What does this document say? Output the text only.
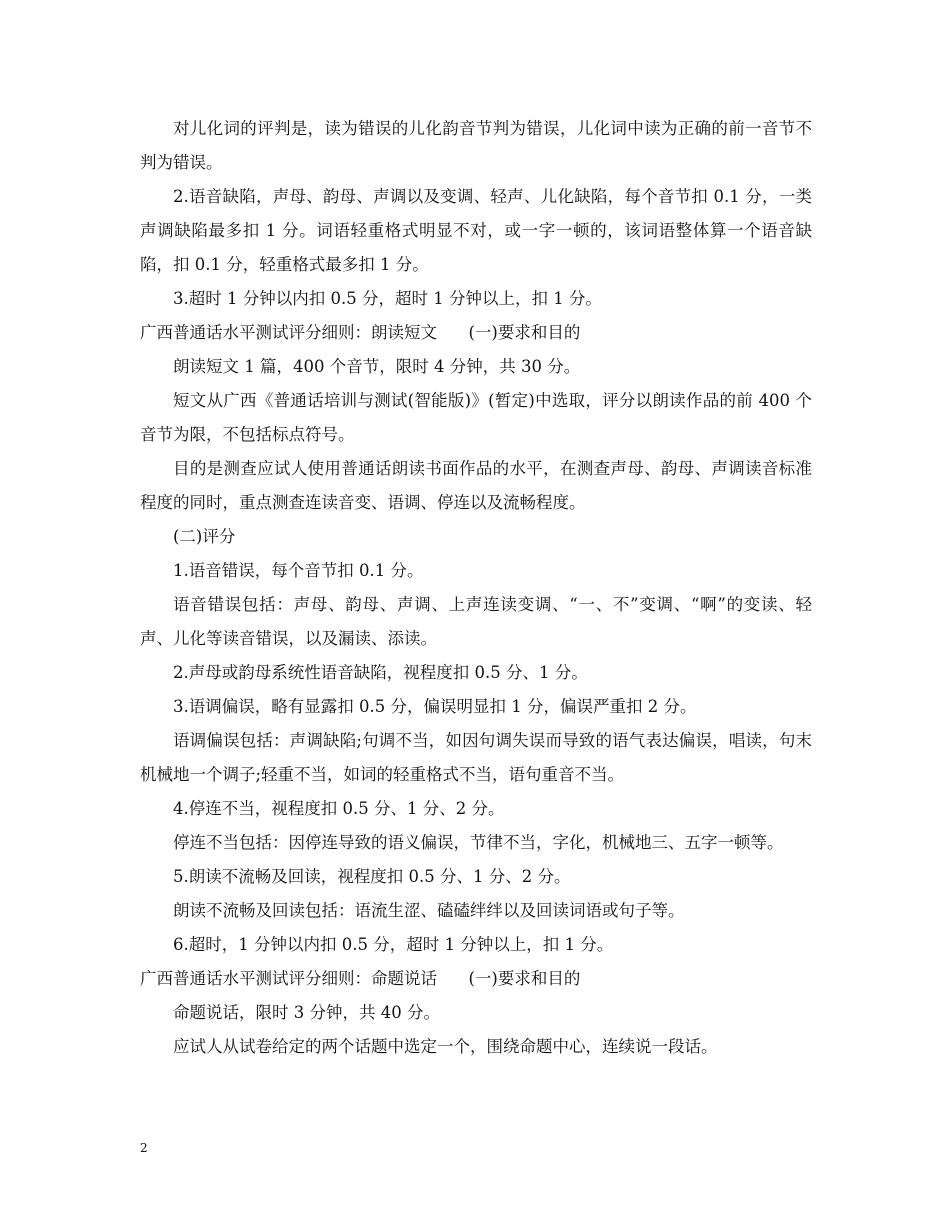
对儿化词的评判是，读为错误的儿化韵音节判为错误，儿化词中读为正确的前一音节不判为错误。

2.语音缺陷，声母、韵母、声调以及变调、轻声、儿化缺陷，每个音节扣 0.1 分，一类声调缺陷最多扣 1 分。词语轻重格式明显不对，或一字一顿的，该词语整体算一个语音缺陷，扣 0.1 分，轻重格式最多扣 1 分。

3.超时 1 分钟以内扣 0.5 分，超时 1 分钟以上，扣 1 分。

广西普通话水平测试评分细则：朗读短文      (一)要求和目的

朗读短文 1 篇，400 个音节，限时 4 分钟，共 30 分。

短文从广西《普通话培训与测试(智能版)》(暂定)中选取，评分以朗读作品的前 400 个音节为限，不包括标点符号。

目的是测查应试人使用普通话朗读书面作品的水平，在测查声母、韵母、声调读音标准程度的同时，重点测查连读音变、语调、停连以及流畅程度。

(二)评分

1.语音错误，每个音节扣 0.1 分。

语音错误包括：声母、韵母、声调、上声连读变调、“一、不”变调、“啊”的变读、轻声、儿化等读音错误，以及漏读、添读。

2.声母或韵母系统性语音缺陷，视程度扣 0.5 分、1 分。

3.语调偏误，略有显露扣 0.5 分，偏误明显扣 1 分，偏误严重扣 2 分。

语调偏误包括：声调缺陷;句调不当，如因句调失误而导致的语气表达偏误，唱读，句末机械地一个调子;轻重不当，如词的轻重格式不当，语句重音不当。

4.停连不当，视程度扣 0.5 分、1 分、2 分。

停连不当包括：因停连导致的语义偏误，节律不当，字化，机械地三、五字一顿等。

5.朗读不流畅及回读，视程度扣 0.5 分、1 分、2 分。

朗读不流畅及回读包括：语流生涩、磕磕绊绊以及回读词语或句子等。

6.超时，1 分钟以内扣 0.5 分，超时 1 分钟以上，扣 1 分。

广西普通话水平测试评分细则：命题说话      (一)要求和目的

命题说话，限时 3 分钟，共 40 分。

应试人从试卷给定的两个话题中选定一个，围绕命题中心，连续说一段话。

2
